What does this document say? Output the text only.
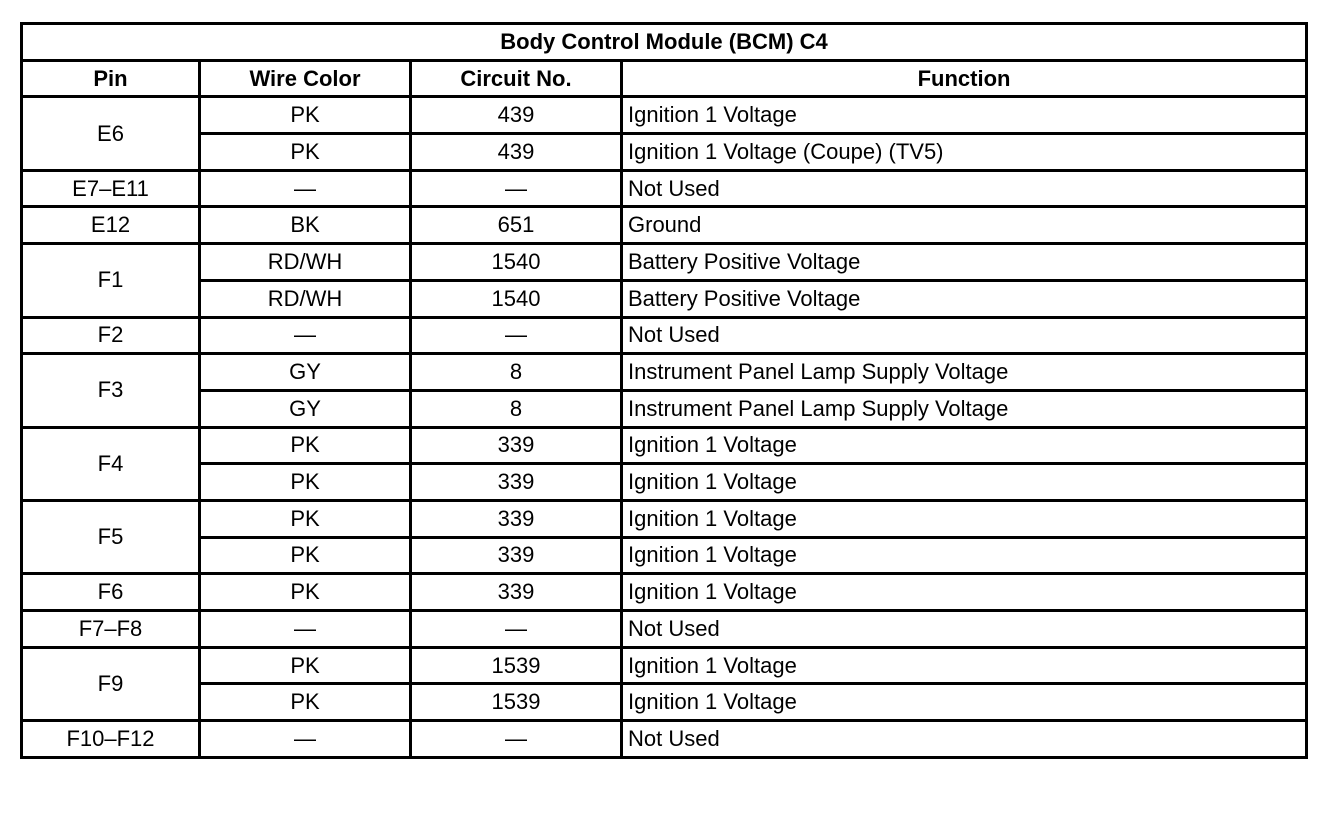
Body Control Module (BCM) C4			
Pin	Wire Color	Circuit No.	Function
E6	PK	439	Ignition 1 Voltage
	PK	439	Ignition 1 Voltage (Coupe) (TV5)
E7–E11	—	—	Not Used
E12	BK	651	Ground
F1	RD/WH	1540	Battery Positive Voltage
	RD/WH	1540	Battery Positive Voltage
F2	—	—	Not Used
F3	GY	8	Instrument Panel Lamp Supply Voltage
	GY	8	Instrument Panel Lamp Supply Voltage
F4	PK	339	Ignition 1 Voltage
	PK	339	Ignition 1 Voltage
F5	PK	339	Ignition 1 Voltage
	PK	339	Ignition 1 Voltage
F6	PK	339	Ignition 1 Voltage
F7–F8	—	—	Not Used
F9	PK	1539	Ignition 1 Voltage
	PK	1539	Ignition 1 Voltage
F10–F12	—	—	Not Used
